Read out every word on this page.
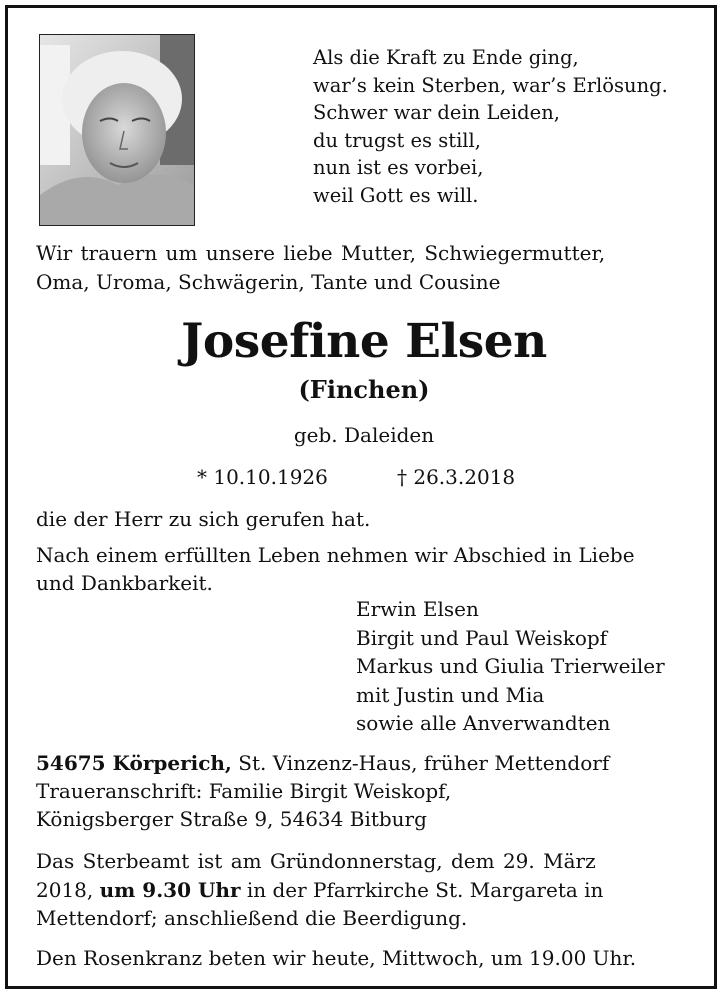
Als die Kraft zu Ende ging,
war’s kein Sterben, war’s Erlösung.
Schwer war dein Leiden,
du trugst es still,
nun ist es vorbei,
weil Gott es will.
Wir trauern um unsere liebe Mutter, Schwiegermutter,
Oma, Uroma, Schwägerin, Tante und Cousine
Josefine Elsen
(Finchen)
geb. Daleiden
* 10.10.1926	† 26.3.2018
die der Herr zu sich gerufen hat.
Nach einem erfüllten Leben nehmen wir Abschied in Liebe
und Dankbarkeit.
Erwin Elsen
Birgit und Paul Weiskopf
Markus und Giulia Trierweiler
mit Justin und Mia
sowie alle Anverwandten
54675 Körperich, St. Vinzenz-Haus, früher Mettendorf
Traueranschrift: Familie Birgit Weiskopf,
Königsberger Straße 9, 54634 Bitburg
Das Sterbeamt ist am Gründonnerstag, dem 29. März
2018, um 9.30 Uhr in der Pfarrkirche St. Margareta in
Mettendorf; anschließend die Beerdigung.
Den Rosenkranz beten wir heute, Mittwoch, um 19.00 Uhr.
